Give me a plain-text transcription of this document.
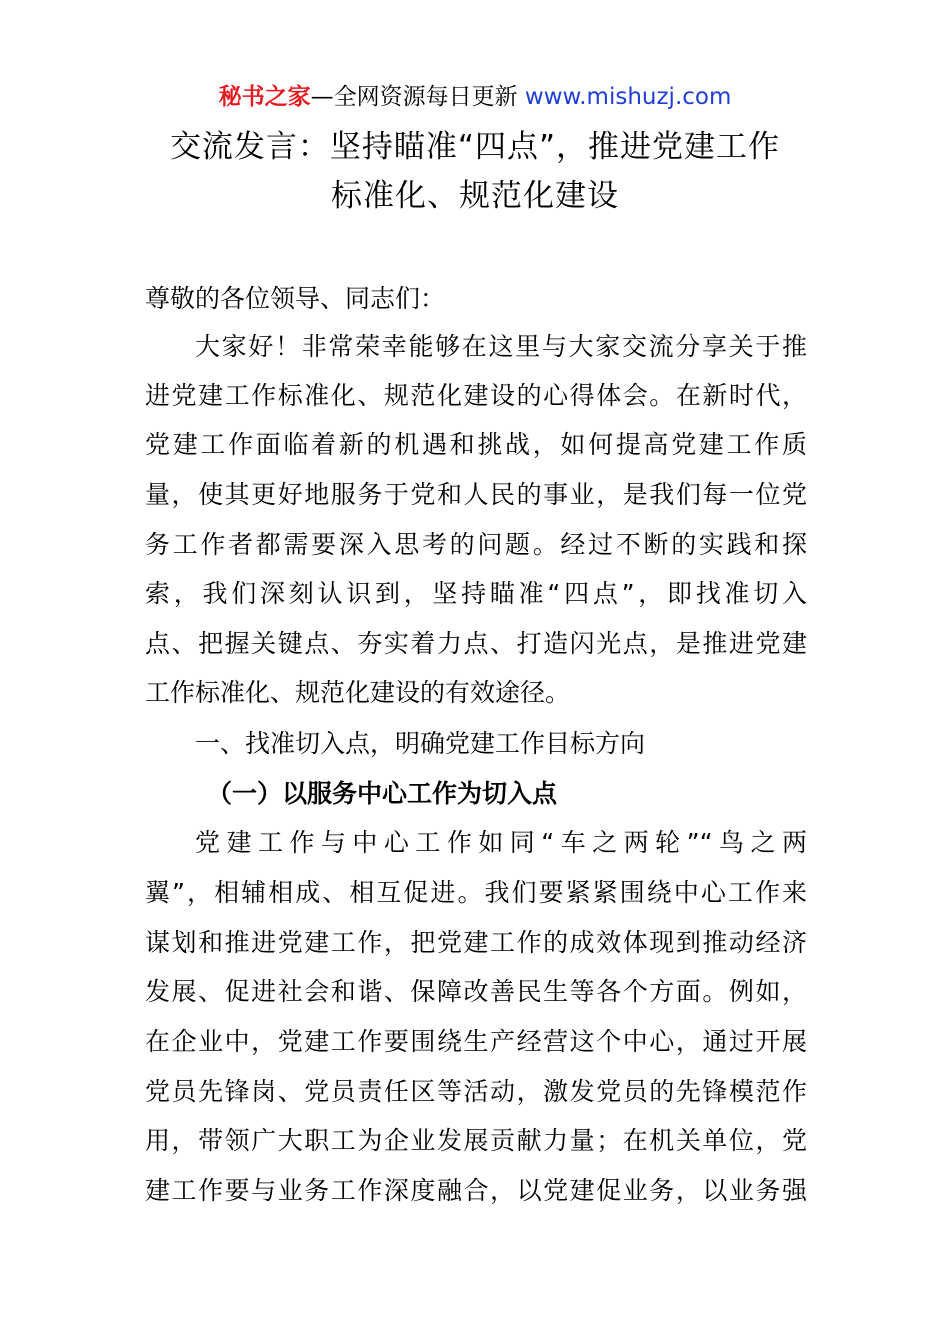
秘书之家—全网资源每日更新 www.mishuzj.com
交流发言：坚持瞄准“四点”，推进党建工作
标准化、规范化建设
尊敬的各位领导、同志们：
大家好！非常荣幸能够在这里与大家交流分享关于推
进党建工作标准化、规范化建设的心得体会。在新时代，
党建工作面临着新的机遇和挑战，如何提高党建工作质
量，使其更好地服务于党和人民的事业，是我们每一位党
务工作者都需要深入思考的问题。经过不断的实践和探
索，我们深刻认识到，坚持瞄准“四点”，即找准切入
点、把握关键点、夯实着力点、打造闪光点，是推进党建
工作标准化、规范化建设的有效途径。
一、找准切入点，明确党建工作目标方向
（一）以服务中心工作为切入点
党建工作与中心工作如同“车之两轮”“鸟之两
翼”，相辅相成、相互促进。我们要紧紧围绕中心工作来
谋划和推进党建工作，把党建工作的成效体现到推动经济
发展、促进社会和谐、保障改善民生等各个方面。例如，
在企业中，党建工作要围绕生产经营这个中心，通过开展
党员先锋岗、党员责任区等活动，激发党员的先锋模范作
用，带领广大职工为企业发展贡献力量；在机关单位，党
建工作要与业务工作深度融合，以党建促业务，以业务强
